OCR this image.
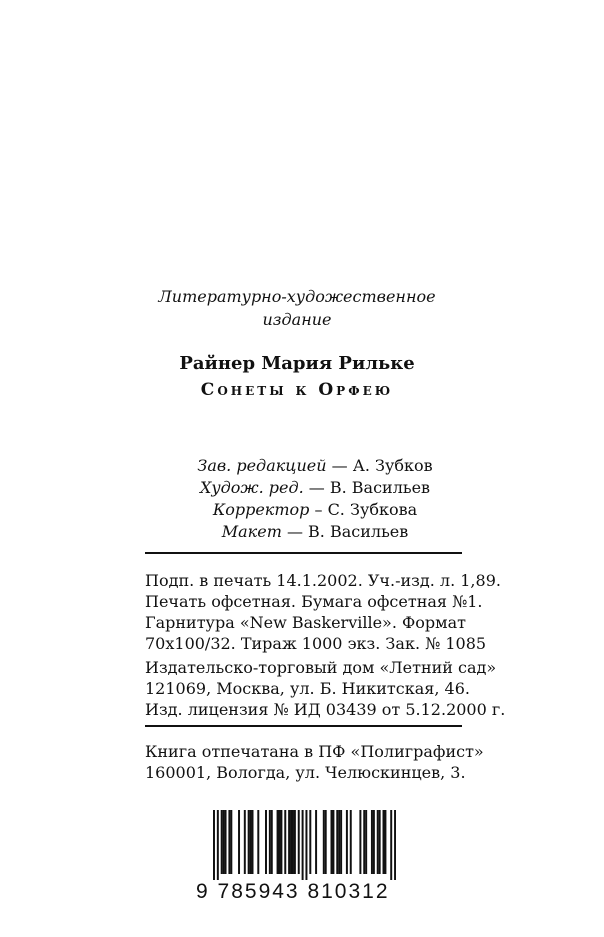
Литературно-художественное
издание
Райнер Мария Рильке
Сонеты к Орфею
Зав. редакцией — А. Зубков
Худож. ред. — В. Васильев
Корректор – С. Зубкова
Макет — В. Васильев
Подп. в печать 14.1.2002. Уч.-изд. л. 1,89.
Печать офсетная. Бумага офсетная №1.
Гарнитура «New Baskerville». Формат
70х100/32. Тираж 1000 экз. Зак. № 1085
Издательско-торговый дом «Летний сад»
121069, Москва, ул. Б. Никитская, 46.
Изд. лицензия № ИД 03439 от 5.12.2000 г.
Книга отпечатана в ПФ «Полиграфист»
160001, Вологда, ул. Челюскинцев, 3.
9 785943 810312
